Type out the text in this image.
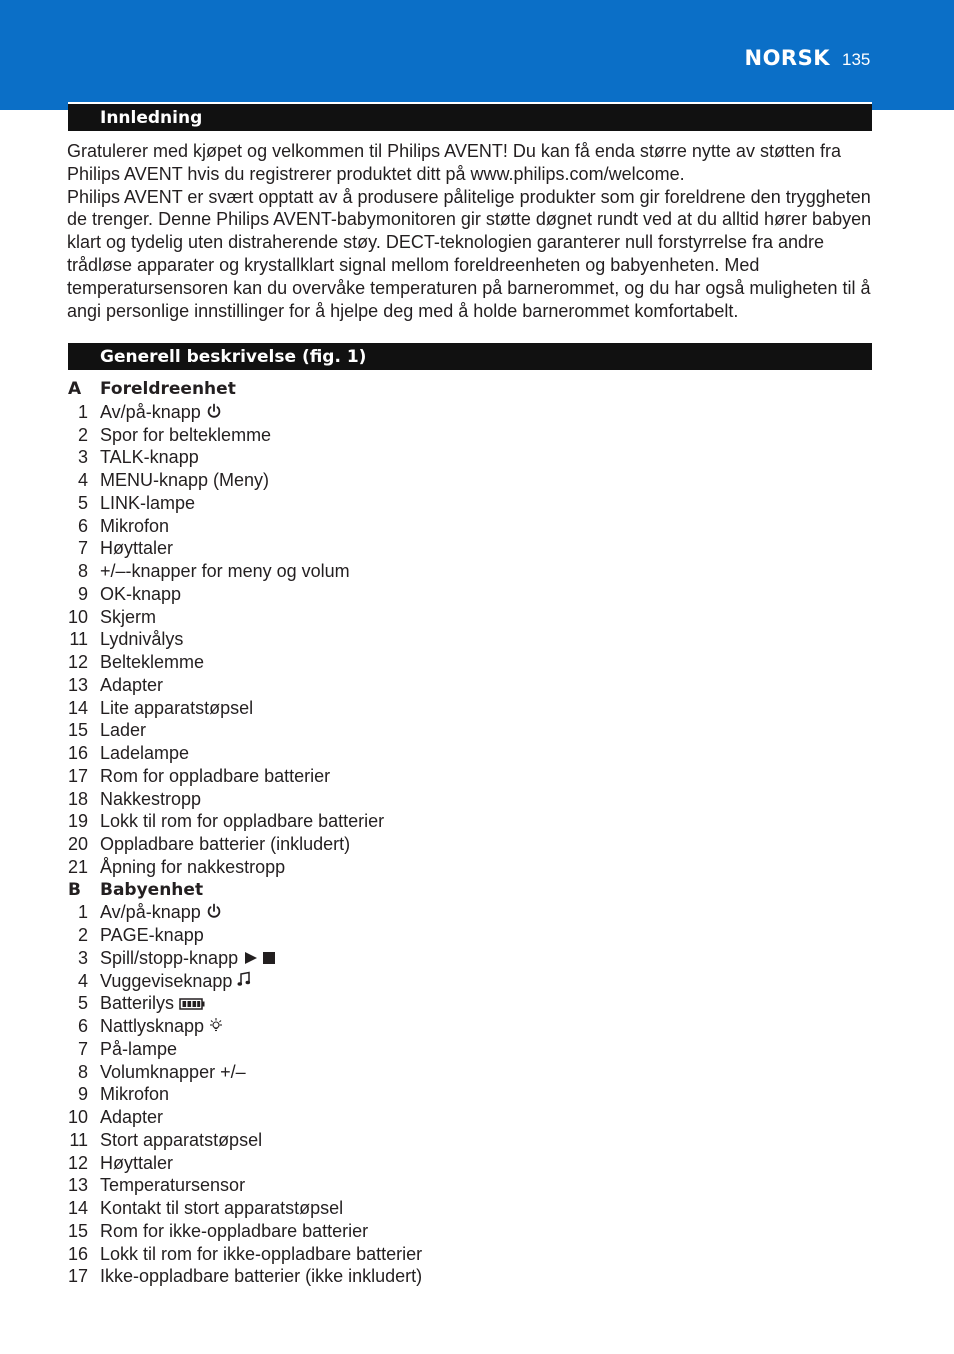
NORSK 135
Innledning

Gratulerer med kjøpet og velkommen til Philips AVENT! Du kan få enda større nytte av støtten fra Philips AVENT hvis du registrerer produktet ditt på www.philips.com/welcome.

Philips AVENT er svært opptatt av å produsere pålitelige produkter som gir foreldrene den tryggheten de trenger. Denne Philips AVENT-babymonitoren gir støtte døgnet rundt ved at du alltid hører babyen klart og tydelig uten distraherende støy. DECT-teknologien garanterer null forstyrrelse fra andre trådløse apparater og krystallklart signal mellom foreldreenheten og babyenheten. Med temperatursensoren kan du overvåke temperaturen på barnerommet, og du har også muligheten til å angi personlige innstillinger for å hjelpe deg med å holde barnerommet komfortabelt.

Generell beskrivelse (fig. 1)
A Foreldreenhet
1 Av/på-knapp
2 Spor for belteklemme
3 TALK-knapp
4 MENU-knapp (Meny)
5 LINK-lampe
6 Mikrofon
7 Høyttaler
8 +/–-knapper for meny og volum
9 OK-knapp
10 Skjerm
11 Lydnivålys
12 Belteklemme
13 Adapter
14 Lite apparatstøpsel
15 Lader
16 Ladelampe
17 Rom for oppladbare batterier
18 Nakkestropp
19 Lokk til rom for oppladbare batterier
20 Oppladbare batterier (inkludert)
21 Åpning for nakkestropp
B Babyenhet
1 Av/på-knapp
2 PAGE-knapp
3 Spill/stopp-knapp
4 Vuggeviseknapp
5 Batterilys
6 Nattlysknapp
7 På-lampe
8 Volumknapper +/–
9 Mikrofon
10 Adapter
11 Stort apparatstøpsel
12 Høyttaler
13 Temperatursensor
14 Kontakt til stort apparatstøpsel
15 Rom for ikke-oppladbare batterier
16 Lokk til rom for ikke-oppladbare batterier
17 Ikke-oppladbare batterier (ikke inkludert)
